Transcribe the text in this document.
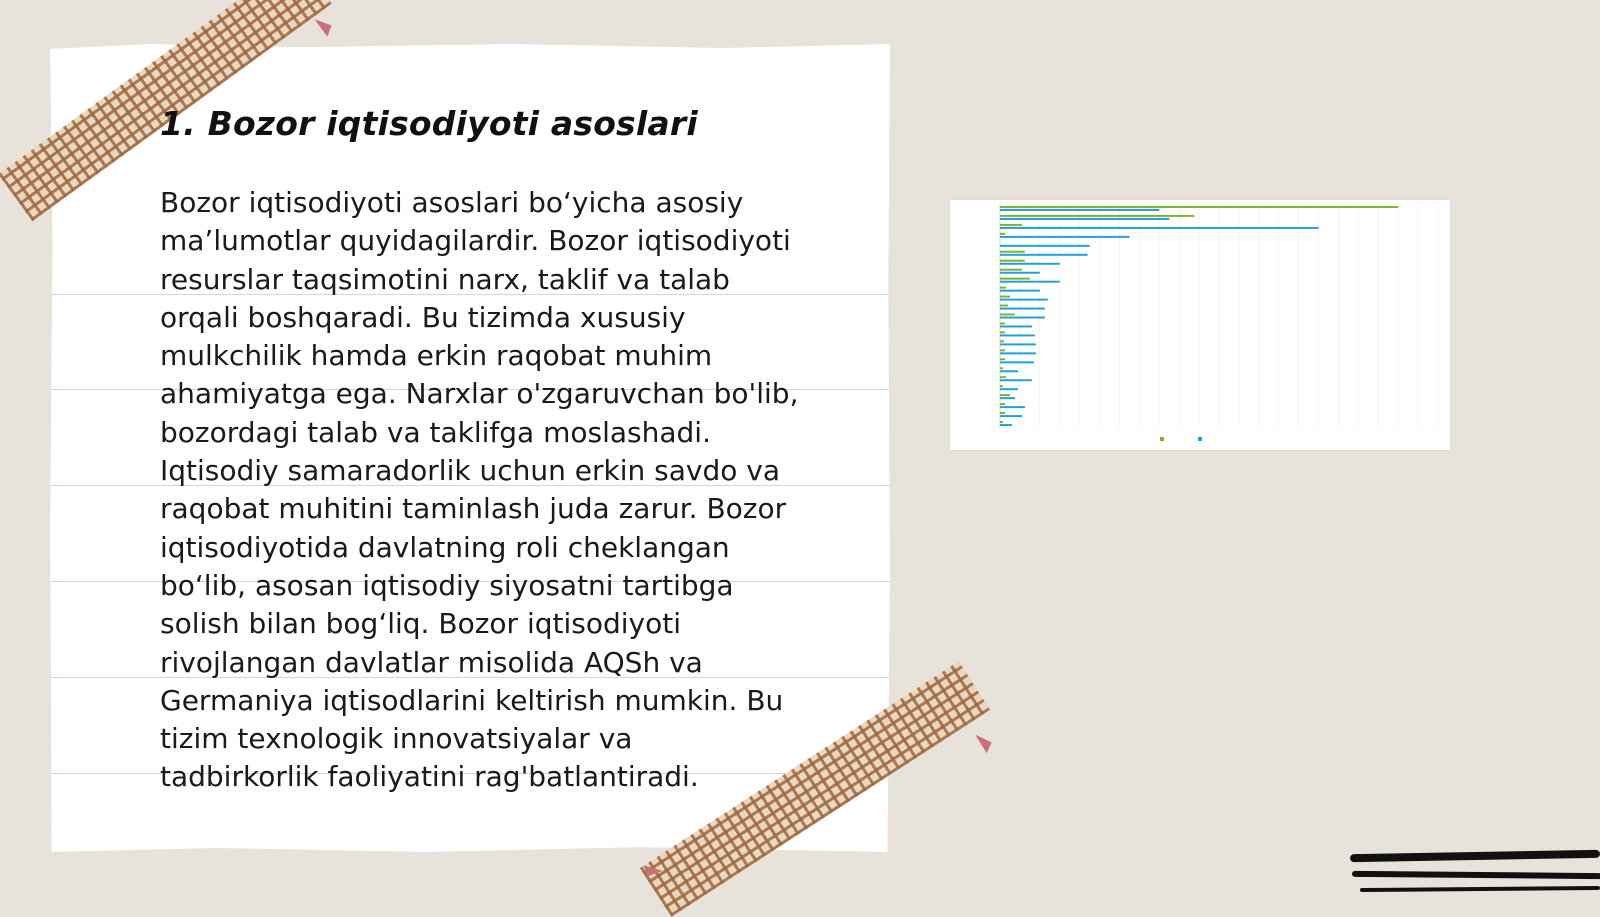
1. Bozor iqtisodiyoti asoslari
Bozor iqtisodiyoti asoslari bo‘yicha asosiy
ma’lumotlar quyidagilardir. Bozor iqtisodiyoti
resurslar taqsimotini narx, taklif va talab
orqali boshqaradi. Bu tizimda xususiy
mulkchilik hamda erkin raqobat muhim
ahamiyatga ega. Narxlar o'zgaruvchan bo'lib,
bozordagi talab va taklifga moslashadi.
Iqtisodiy samaradorlik uchun erkin savdo va
raqobat muhitini taminlash juda zarur. Bozor
iqtisodiyotida davlatning roli cheklangan
bo‘lib, asosan iqtisodiy siyosatni tartibga
solish bilan bog‘liq. Bozor iqtisodiyoti
rivojlangan davlatlar misolida AQSh va
Germaniya iqtisodlarini keltirish mumkin. Bu
tizim texnologik innovatsiyalar va
tadbirkorlik faoliyatini rag'batlantiradi.
